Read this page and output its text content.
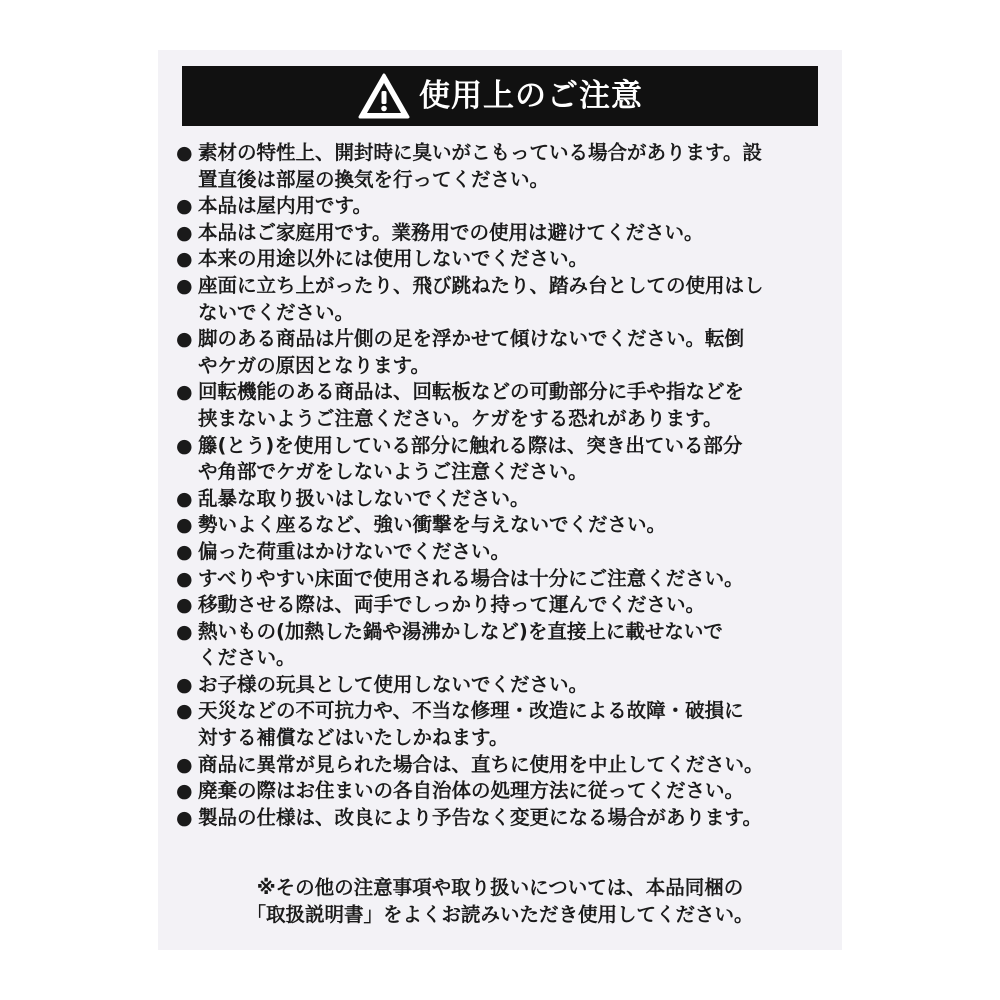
使用上のご注意
● 素材の特性上、開封時に臭いがこもっている場合があります。設
置直後は部屋の換気を行ってください。
● 本品は屋内用です。
● 本品はご家庭用です。業務用での使用は避けてください。
● 本来の用途以外には使用しないでください。
● 座面に立ち上がったり、飛び跳ねたり、踏み台としての使用はし
ないでください。
● 脚のある商品は片側の足を浮かせて傾けないでください。転倒
やケガの原因となります。
● 回転機能のある商品は、回転板などの可動部分に手や指などを
挟まないようご注意ください。ケガをする恐れがあります。
● 籐(とう)を使用している部分に触れる際は、突き出ている部分
や角部でケガをしないようご注意ください。
● 乱暴な取り扱いはしないでください。
● 勢いよく座るなど、強い衝撃を与えないでください。
● 偏った荷重はかけないでください。
● すべりやすい床面で使用される場合は十分にご注意ください。
● 移動させる際は、両手でしっかり持って運んでください。
● 熱いもの(加熱した鍋や湯沸かしなど)を直接上に載せないで
ください。
● お子様の玩具として使用しないでください。
● 天災などの不可抗力や、不当な修理・改造による故障・破損に
対する補償などはいたしかねます。
● 商品に異常が見られた場合は、直ちに使用を中止してください。
● 廃棄の際はお住まいの各自治体の処理方法に従ってください。
● 製品の仕様は、改良により予告なく変更になる場合があります。
※その他の注意事項や取り扱いについては、本品同梱の
「取扱説明書」をよくお読みいただき使用してください。
